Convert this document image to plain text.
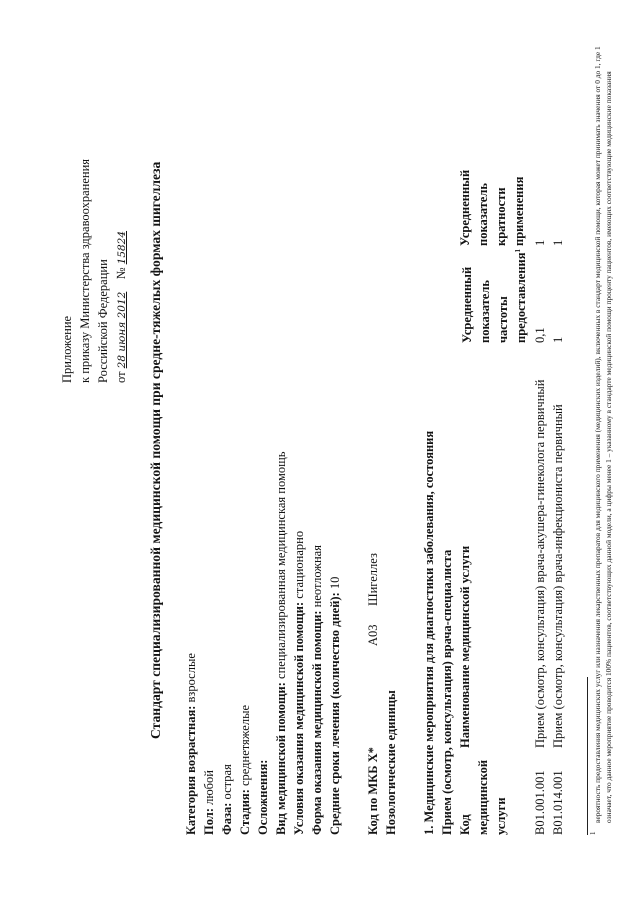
Приложение к приказу Министерства здравоохранения Российской Федерации от 28 июня 2012  № 15824 Стандарт специализированной медицинской помощи при средне-тяжелых формах шигеллеза
Категория возрастная: взрослые
Пол: любой
Фаза: острая
Стадия: среднетяжелые
Осложнения: Вид медицинской помощи: специализированная медицинская помощь
Условия оказания медицинской помощи: стационарно
Форма оказания медицинской помощи: неотложная
Средние сроки лечения (количество дней): 10
Код по МКБ X* Нозологические единицы
A03
Шигеллез	1. Медицинские мероприятия для диагностики заболевания, состояния Прием (осмотр, консультация) врача-специалиста Код медицинской услуги
Наименование медицинской услуги
Усредненный показатель частоты предоставления$^1$
Усредненный показатель кратности применения
B01.001.001
Прием (осмотр, консультация) врача-акушера-гинеколога первичный
0,1
1
B01.014.001
Прием (осмотр, консультация) врача-инфекциониста первичный
1
1
1
вероятность предоставления медицинских услуг или назначения лекарственных препаратов для медицинского применения (медицинских изделий), включенных в стандарт медицинской помощи, которая может принимать значения от 0 до 1, где 1 означает, что данное мероприятие проводится 100% пациентов, соответствующих данной модели, а цифры менее 1 – указанному в стандарте медицинской помощи проценту пациентов, имеющих соответствующие медицинские показания
